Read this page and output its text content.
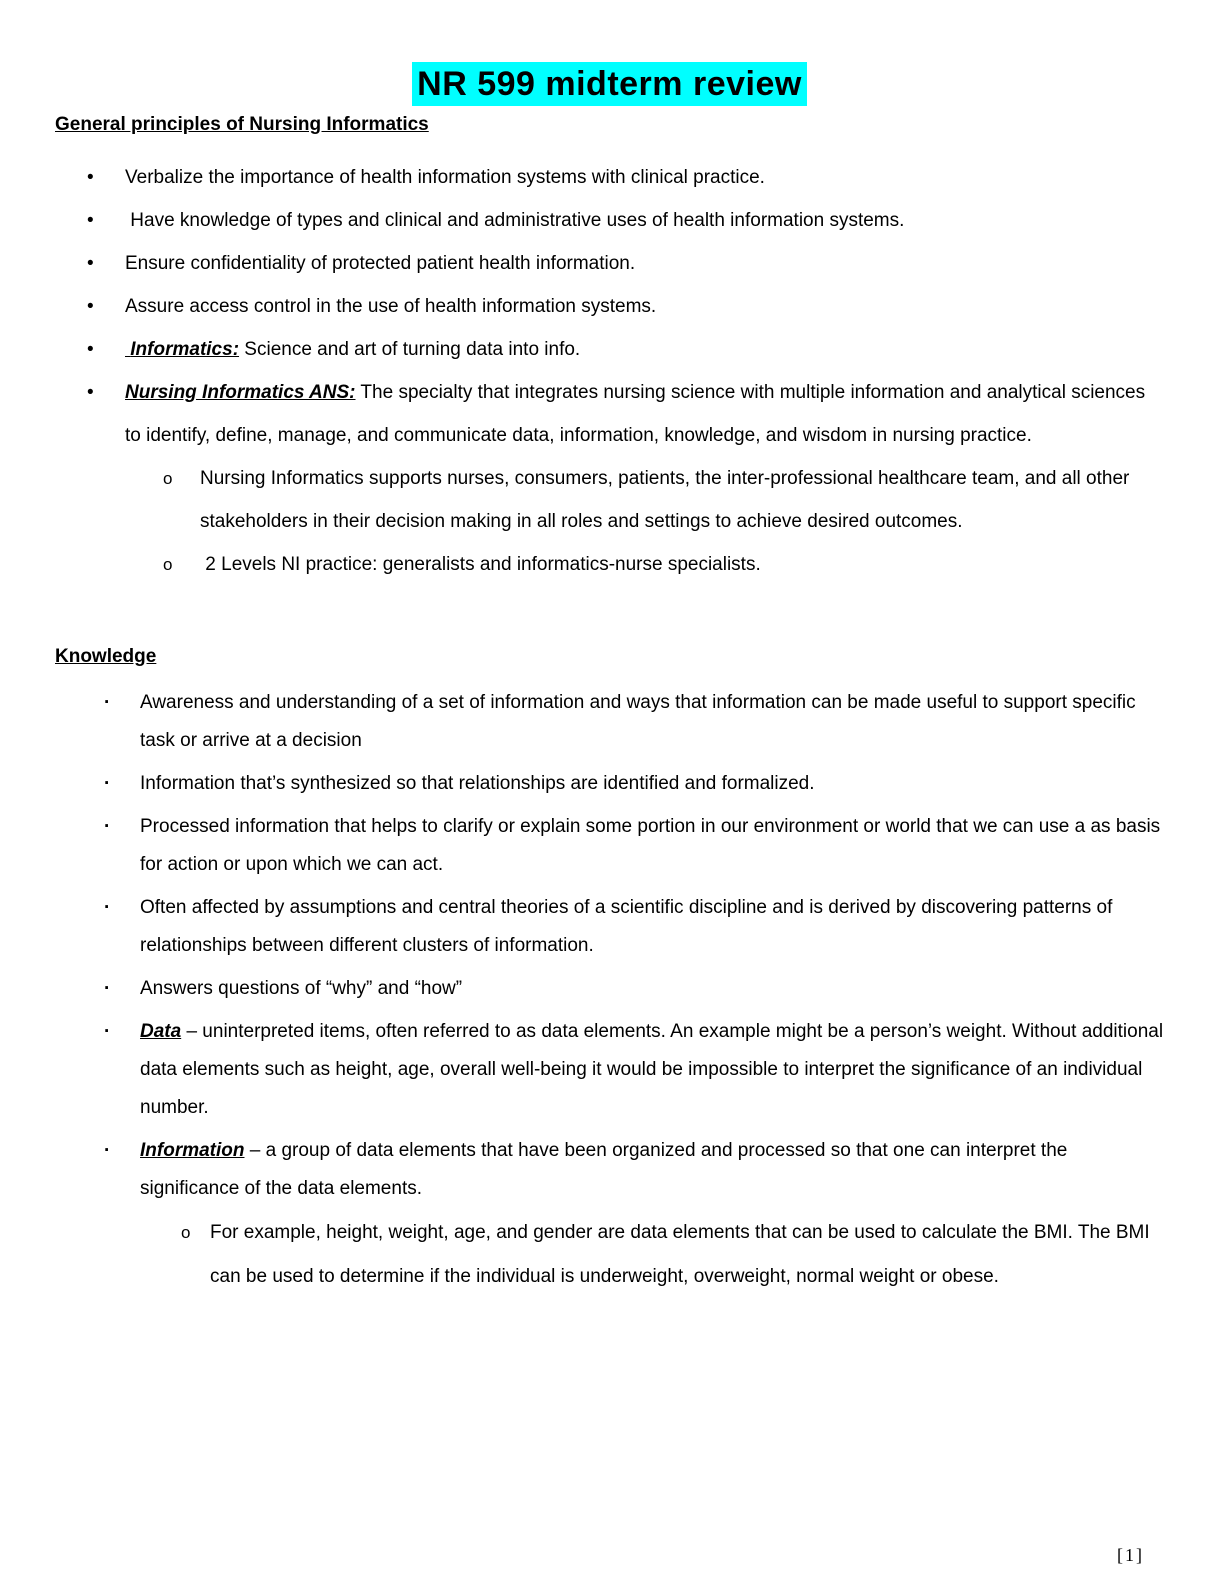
NR 599 midterm review
General principles of Nursing Informatics
• Verbalize the importance of health information systems with clinical practice.
• Have knowledge of types and clinical and administrative uses of health information systems.
• Ensure confidentiality of protected patient health information.
• Assure access control in the use of health information systems.
• Informatics: Science and art of turning data into info.
• Nursing Informatics ANS: The specialty that integrates nursing science with multiple information and analytical sciences to identify, define, manage, and communicate data, information, knowledge, and wisdom in nursing practice.
o Nursing Informatics supports nurses, consumers, patients, the inter-professional healthcare team, and all other stakeholders in their decision making in all roles and settings to achieve desired outcomes.
o 2 Levels NI practice: generalists and informatics-nurse specialists.
Knowledge
· Awareness and understanding of a set of information and ways that information can be made useful to support specific task or arrive at a decision
· Information that’s synthesized so that relationships are identified and formalized.
· Processed information that helps to clarify or explain some portion in our environment or world that we can use a as basis for action or upon which we can act.
· Often affected by assumptions and central theories of a scientific discipline and is derived by discovering patterns of relationships between different clusters of information.
· Answers questions of “why” and “how”
· Data – uninterpreted items, often referred to as data elements. An example might be a person’s weight. Without additional data elements such as height, age, overall well-being it would be impossible to interpret the significance of an individual number.
· Information – a group of data elements that have been organized and processed so that one can interpret the significance of the data elements.
o For example, height, weight, age, and gender are data elements that can be used to calculate the BMI. The BMI can be used to determine if the individual is underweight, overweight, normal weight or obese.
[1]
